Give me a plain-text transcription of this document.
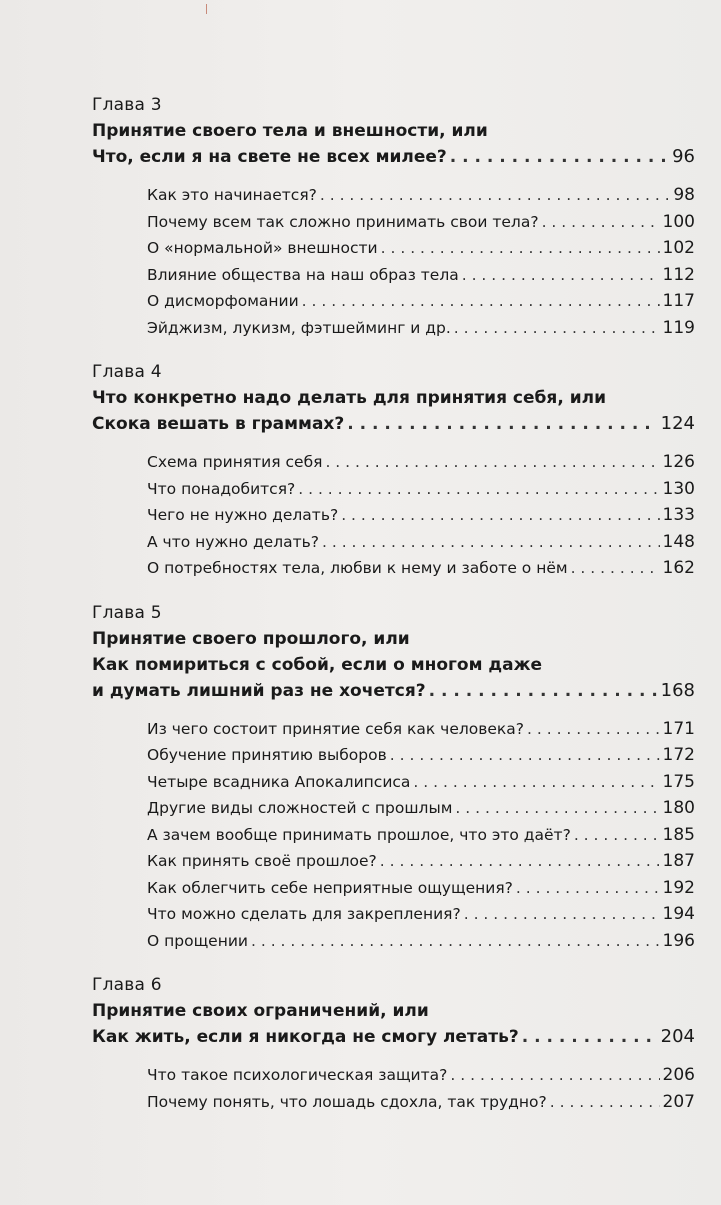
Глава 3
Принятие своего тела и внешности, или
Что, если я на свете не всех милее? . . .	96
Как это начинается? . . .	98
Почему всем так сложно принимать свои тела? . . .	100
О «нормальной» внешности . . .	102
Влияние общества на наш образ тела . . .	112
О дисморфомании . . .	117
Эйджизм, лукизм, фэтшейминг и др. . . .	119
Глава 4
Что конкретно надо делать для принятия себя, или
Скока вешать в граммах? . . .	124
Схема принятия себя . . .	126
Что понадобится? . . .	130
Чего не нужно делать? . . .	133
А что нужно делать? . . .	148
О потребностях тела, любви к нему и заботе о нём . . .	162
Глава 5
Принятие своего прошлого, или
Как помириться с собой, если о многом даже
и думать лишний раз не хочется? . . .	168
Из чего состоит принятие себя как человека? . . .	171
Обучение принятию выборов . . .	172
Четыре всадника Апокалипсиса . . .	175
Другие виды сложностей с прошлым . . .	180
А зачем вообще принимать прошлое, что это даёт? . . .	185
Как принять своё прошлое? . . .	187
Как облегчить себе неприятные ощущения? . . .	192
Что можно сделать для закрепления? . . .	194
О прощении . . .	196
Глава 6
Принятие своих ограничений, или
Как жить, если я никогда не смогу летать? . . .	204
Что такое психологическая защита? . . .	206
Почему понять, что лошадь сдохла, так трудно? . . .	207
